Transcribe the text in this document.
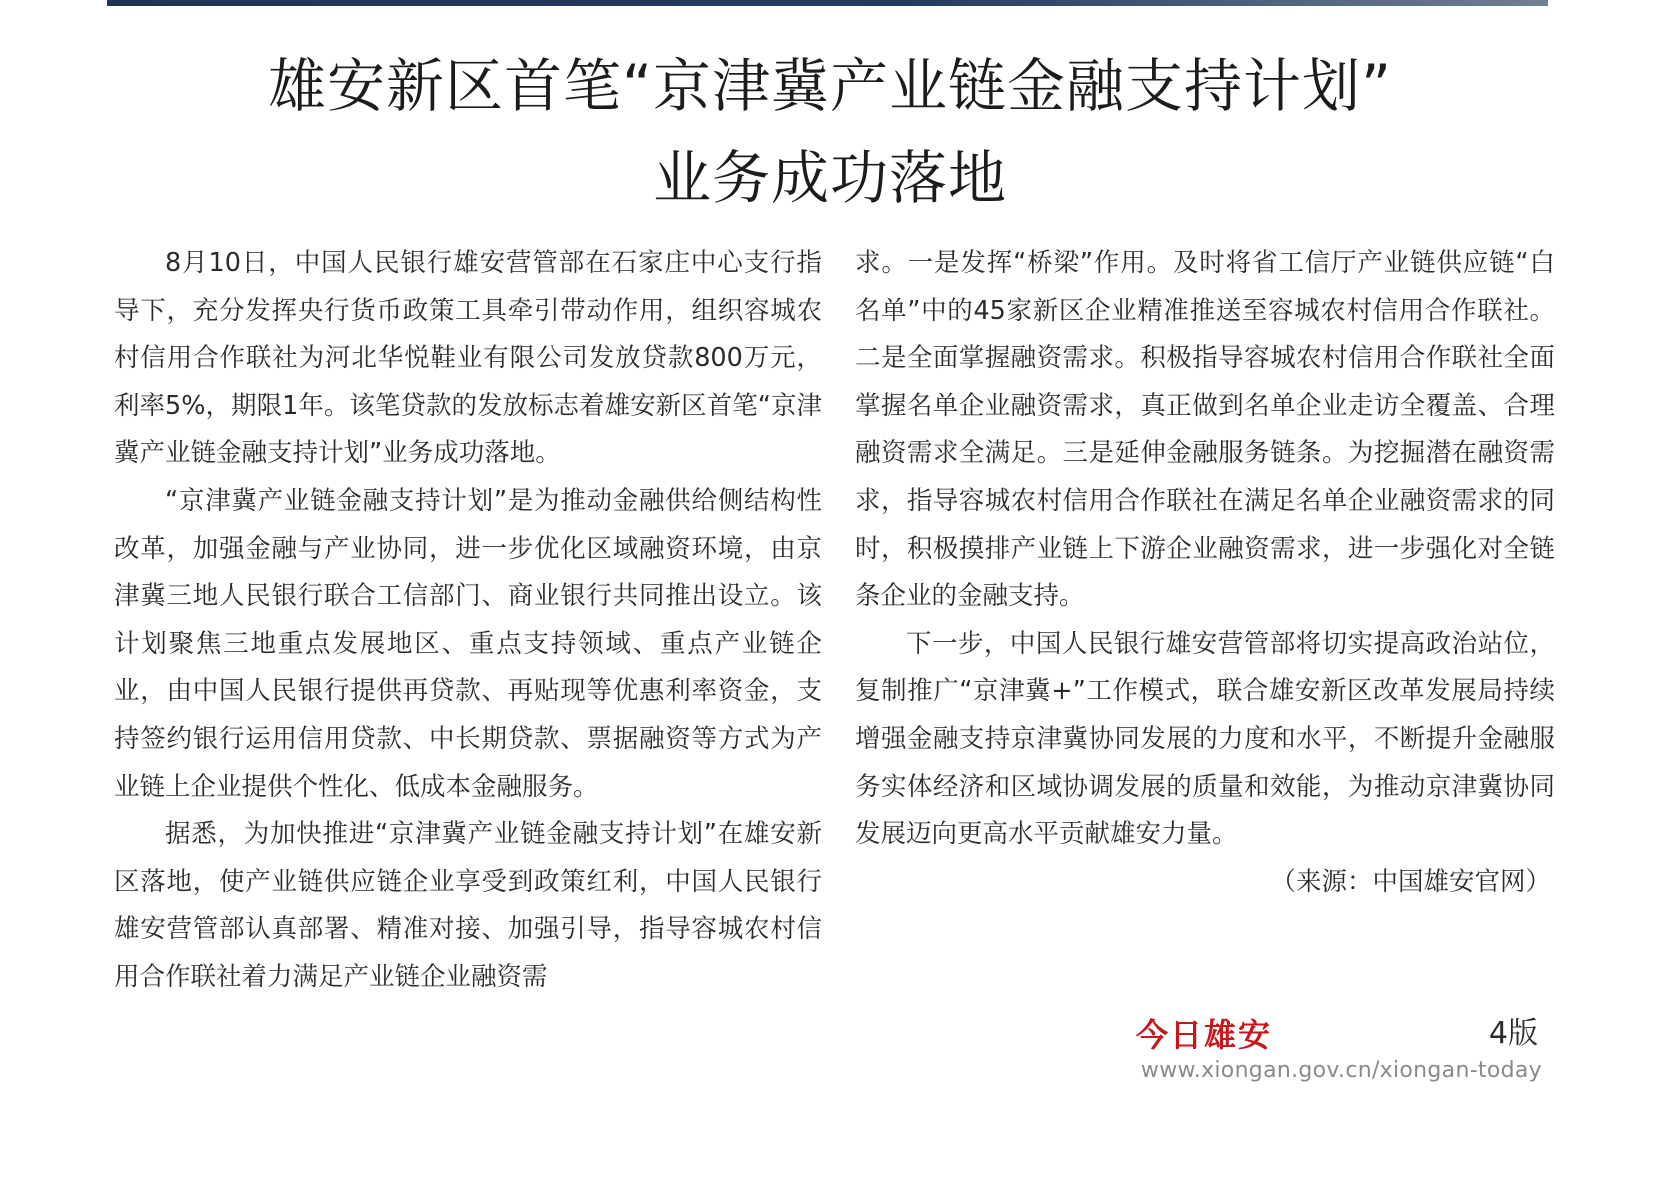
雄安新区首笔“京津冀产业链金融支持计划”
业务成功落地

8月10日，中国人民银行雄安营管部在石家庄中心支行指导下，充分发挥央行货币政策工具牵引带动作用，组织容城农村信用合作联社为河北华悦鞋业有限公司发放贷款800万元，利率5%，期限1年。该笔贷款的发放标志着雄安新区首笔“京津冀产业链金融支持计划”业务成功落地。

“京津冀产业链金融支持计划”是为推动金融供给侧结构性改革，加强金融与产业协同，进一步优化区域融资环境，由京津冀三地人民银行联合工信部门、商业银行共同推出设立。该计划聚焦三地重点发展地区、重点支持领域、重点产业链企业，由中国人民银行提供再贷款、再贴现等优惠利率资金，支持签约银行运用信用贷款、中长期贷款、票据融资等方式为产业链上企业提供个性化、低成本金融服务。

据悉，为加快推进“京津冀产业链金融支持计划”在雄安新区落地，使产业链供应链企业享受到政策红利，中国人民银行雄安营管部认真部署、精准对接、加强引导，指导容城农村信用合作联社着力满足产业链企业融资需

求。一是发挥“桥梁”作用。及时将省工信厅产业链供应链“白名单”中的45家新区企业精准推送至容城农村信用合作联社。二是全面掌握融资需求。积极指导容城农村信用合作联社全面掌握名单企业融资需求，真正做到名单企业走访全覆盖、合理融资需求全满足。三是延伸金融服务链条。为挖掘潜在融资需求，指导容城农村信用合作联社在满足名单企业融资需求的同时，积极摸排产业链上下游企业融资需求，进一步强化对全链条企业的金融支持。

下一步，中国人民银行雄安营管部将切实提高政治站位，复制推广“京津冀+”工作模式，联合雄安新区改革发展局持续增强金融支持京津冀协同发展的力度和水平，不断提升金融服务实体经济和区域协调发展的质量和效能，为推动京津冀协同发展迈向更高水平贡献雄安力量。

（来源：中国雄安官网）

今日雄安	4版
www.xiongan.gov.cn/xiongan-today
